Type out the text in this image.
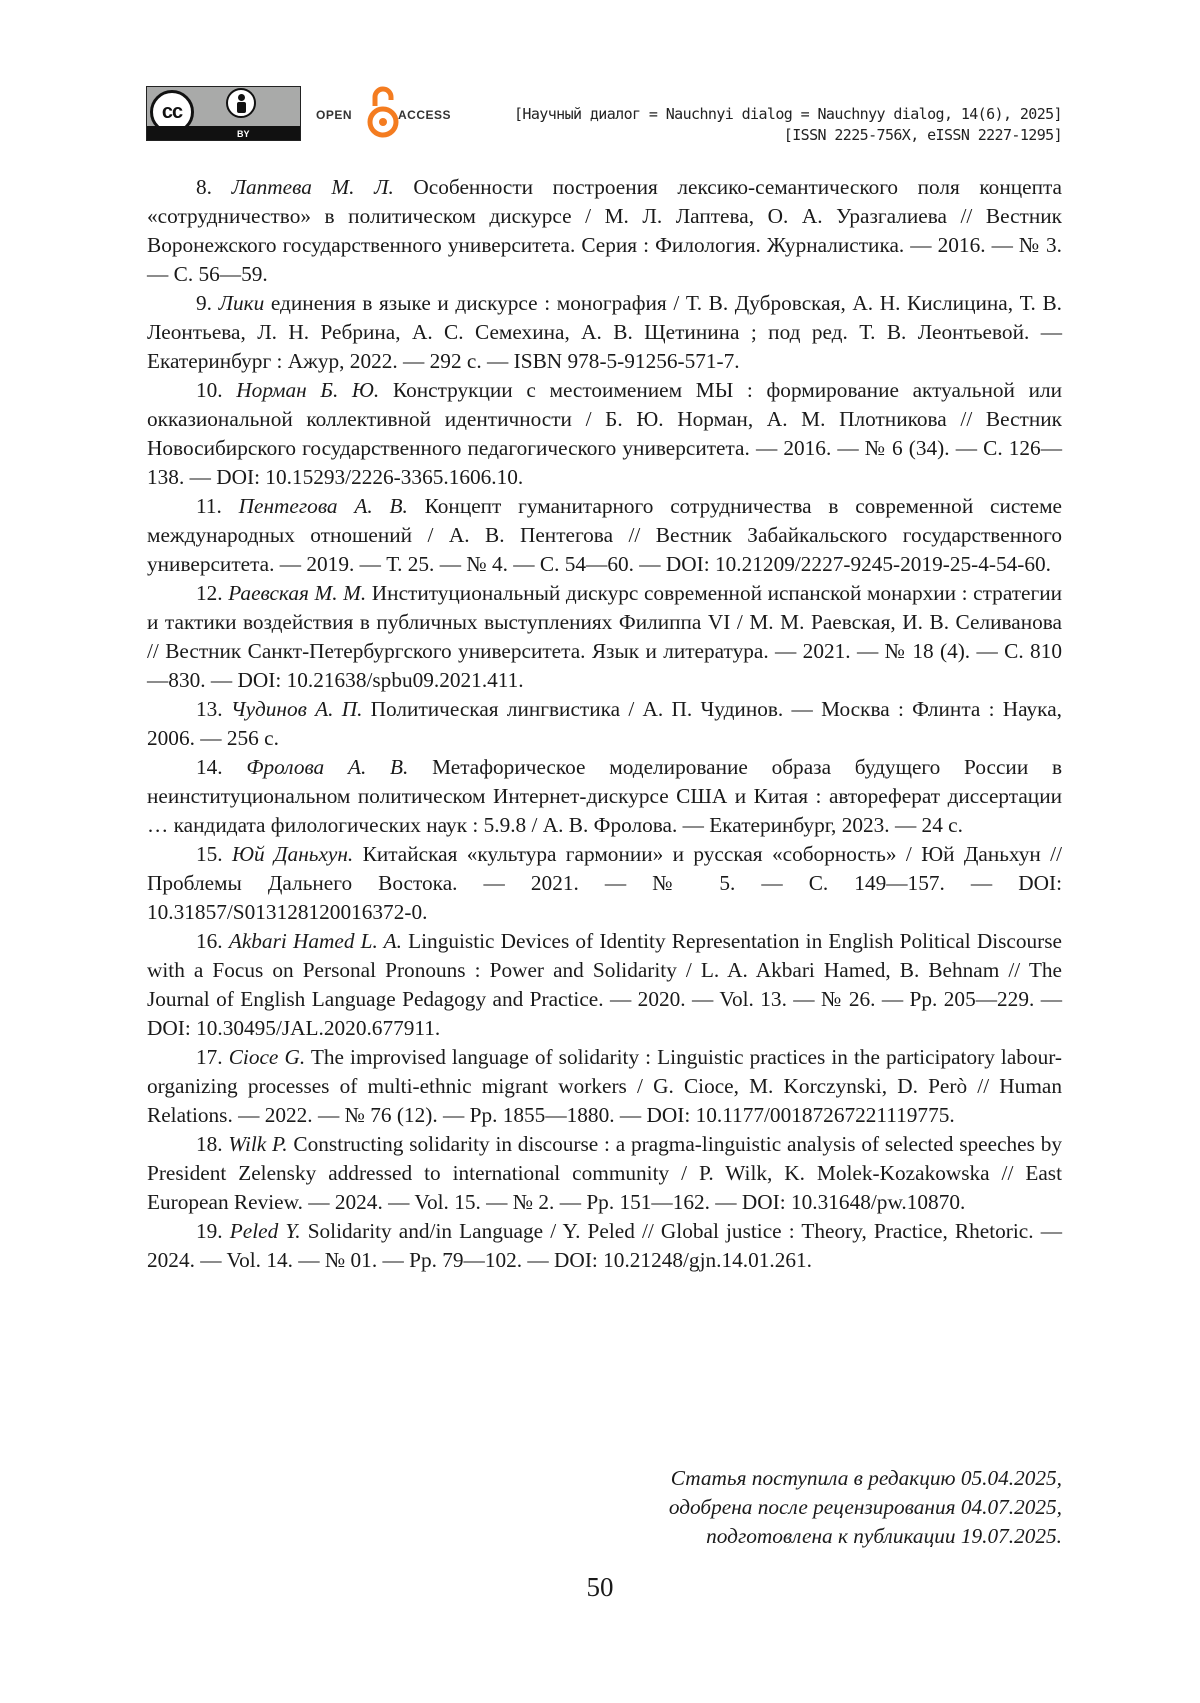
cc
BY
OPEN	ACCESS	[Научный диалог = Nauchnyi dialog = Nauchnyy dialog, 14(6), 2025]
[ISSN 2225-756X, eISSN 2227-1295]

8. Лаптева М. Л. Особенности построения лексико-семантического поля концепта «сотрудничество» в политическом дискурсе / М. Л. Лаптева, О. А. Уразгалиева // Вестник Воронежского государственного университета. Серия : Филология. Журналистика. — 2016. — № 3. — С. 56—59.

9. Лики единения в языке и дискурсе : монография / Т. В. Дубровская, А. Н. Кислицина, Т. В. Леонтьева, Л. Н. Ребрина, А. С. Семехина, А. В. Щетинина ; под ред. Т. В. Леонтьевой. — Екатеринбург : Ажур, 2022. — 292 с. — ISBN 978-5-91256-571-7.

10. Норман Б. Ю. Конструкции с местоимением МЫ : формирование актуальной или окказиональной коллективной идентичности / Б. Ю. Норман, А. М. Плотникова // Вестник Новосибирского государственного педагогического университета. — 2016. — № 6 (34). — С. 126—138. — DOI: 10.15293/2226-3365.1606.10.

11. Пентегова А. В. Концепт гуманитарного сотрудничества в современной системе международных отношений / А. В. Пентегова // Вестник Забайкальского государственного университета. — 2019. — Т. 25. — № 4. — С. 54—60. — DOI: 10.21209/2227-9245-2019-25-4-54-60.

12. Раевская М. М. Институциональный дискурс современной испанской монархии : стратегии и тактики воздействия в публичных выступлениях Филиппа VI / М. М. Раевская, И. В. Селиванова // Вестник Санкт-Петербургского университета. Язык и литература. — 2021. — № 18 (4). — С. 810—830. — DOI: 10.21638/spbu09.2021.411.

13. Чудинов А. П. Политическая лингвистика / А. П. Чудинов. — Москва : Флинта : Наука, 2006. — 256 с.

14. Фролова А. В. Метафорическое моделирование образа будущего России в неинституциональном политическом Интернет-дискурсе США и Китая : автореферат диссертации … кандидата филологических наук : 5.9.8 / А. В. Фролова. — Екатеринбург, 2023. — 24 с.

15. Юй Даньхун. Китайская «культура гармонии» и русская «соборность» / Юй Даньхун // Проблемы Дальнего Востока. — 2021. — № 5. — С. 149—157. — DOI: 10.31857/S013128120016372-0.

16. Akbari Hamed L. A. Linguistic Devices of Identity Representation in English Political Discourse with a Focus on Personal Pronouns : Power and Solidarity / L. A. Akbari Hamed, B. Behnam // The Journal of English Language Pedagogy and Practice. — 2020. — Vol. 13. — № 26. — Pp. 205—229. — DOI: 10.30495/JAL.2020.677911.

17. Cioce G. The improvised language of solidarity : Linguistic practices in the participatory labour-organizing processes of multi-ethnic migrant workers / G. Cioce, M. Korczynski, D. Però // Human Relations. — 2022. — № 76 (12). — Pp. 1855—1880. — DOI: 10.1177/00187267221119775.

18. Wilk P. Constructing solidarity in discourse : a pragma-linguistic analysis of selected speeches by President Zelensky addressed to international community / P. Wilk, K. Molek-Kozakowska // East European Review. — 2024. — Vol. 15. — № 2. — Pp. 151—162. — DOI: 10.31648/pw.10870.

19. Peled Y. Solidarity and/in Language / Y. Peled // Global justice : Theory, Practice, Rhetoric. — 2024. — Vol. 14. — № 01. — Pp. 79—102. — DOI: 10.21248/gjn.14.01.261.

Статья поступила в редакцию 05.04.2025,
одобрена после рецензирования 04.07.2025,
подготовлена к публикации 19.07.2025.
50
